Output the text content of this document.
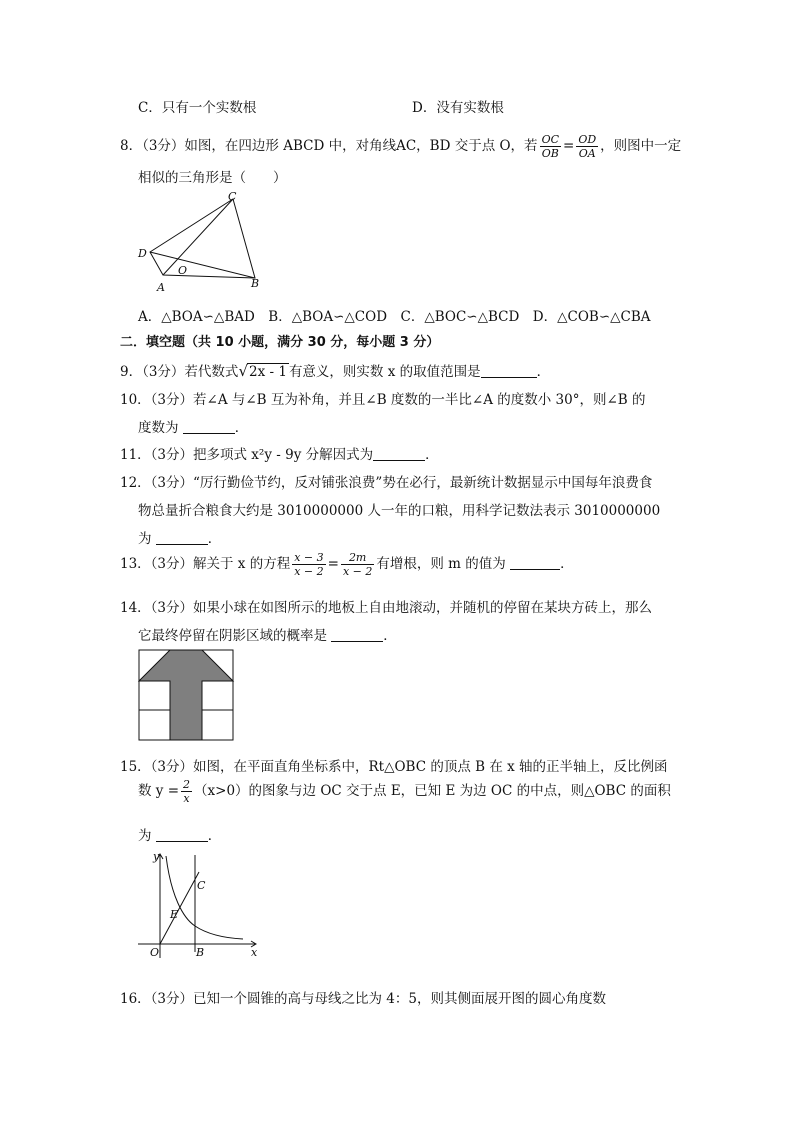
C．只有一个实数根	D．没有实数根
8．（3分）如图，在四边形 ABCD 中，对角线AC，BD 交于点 O，若 $\frac{OC}{OB} = \frac{OD}{OA}$ ，则图中一定
相似的三角形是（　　）
C
D
O
A	B
A．△BOA∽△BAD　B．△BOA∽△COD　C．△BOC∽△BCD　D．△COB∽△CBA
二．填空题（共 10 小题，满分 30 分，每小题 3 分）
9．（3分）若代数式√2x - 1 有意义，则实数 x 的取值范围是	．
10．（3分）若∠A 与∠B 互为补角，并且∠B 度数的一半比∠A 的度数小 30°，则∠B 的
度数为	．
11．（3分）把多项式 x²y - 9y 分解因式为	．
12．（3分）“厉行勤俭节约，反对铺张浪费”势在必行，最新统计数据显示中国每年浪费食
物总量折合粮食大约是 3010000000 人一年的口粮，用科学记数法表示 3010000000
为	．
13．（3分）解关于 x 的方程 $\frac{x - 3}{x - 2} = \frac{2m}{x - 2}$ 有增根，则 m 的值为	．
14．（3分）如果小球在如图所示的地板上自由地滚动，并随机的停留在某块方砖上，那么
它最终停留在阴影区域的概率是	．
15．（3分）如图，在平面直角坐标系中，Rt△OBC 的顶点 B 在 x 轴的正半轴上，反比例函
数 $y = \frac{2}{x} (x>0)$的图象与边 OC 交于点 E，已知 E 为边 OC 的中点，则△OBC 的面积
为	．
y
x
O	B
C
E
16．（3分）已知一个圆锥的高与母线之比为 4：5，则其侧面展开图的圆心角度数
